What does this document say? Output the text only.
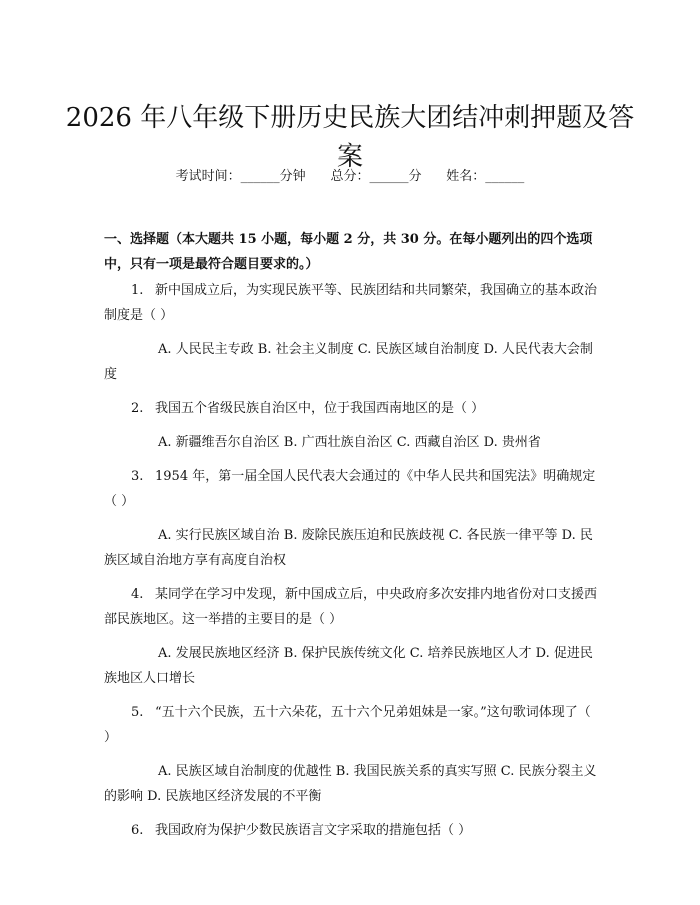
2026 年八年级下册历史民族大团结冲刺押题及答案
考试时间：______分钟 总分：______分 姓名：______
一、选择题（本大题共 15 小题，每小题 2 分，共 30 分。在每小题列出的四个选项中，只有一项是最符合题目要求的。）
1. 新中国成立后，为实现民族平等、民族团结和共同繁荣，我国确立的基本政治制度是（ ）
A. 人民民主专政 B. 社会主义制度 C. 民族区域自治制度 D. 人民代表大会制度
2. 我国五个省级民族自治区中，位于我国西南地区的是（ ）
A. 新疆维吾尔自治区 B. 广西壮族自治区 C. 西藏自治区 D. 贵州省
3. 1954 年，第一届全国人民代表大会通过的《中华人民共和国宪法》明确规定（ ）
A. 实行民族区域自治 B. 废除民族压迫和民族歧视 C. 各民族一律平等 D. 民族区域自治地方享有高度自治权
4. 某同学在学习中发现，新中国成立后，中央政府多次安排内地省份对口支援西部民族地区。这一举措的主要目的是（ ）
A. 发展民族地区经济 B. 保护民族传统文化 C. 培养民族地区人才 D. 促进民族地区人口增长
5. “五十六个民族，五十六朵花，五十六个兄弟姐妹是一家。”这句歌词体现了（ ）
A. 民族区域自治制度的优越性 B. 我国民族关系的真实写照 C. 民族分裂主义的影响 D. 民族地区经济发展的不平衡
6. 我国政府为保护少数民族语言文字采取的措施包括（ ）
